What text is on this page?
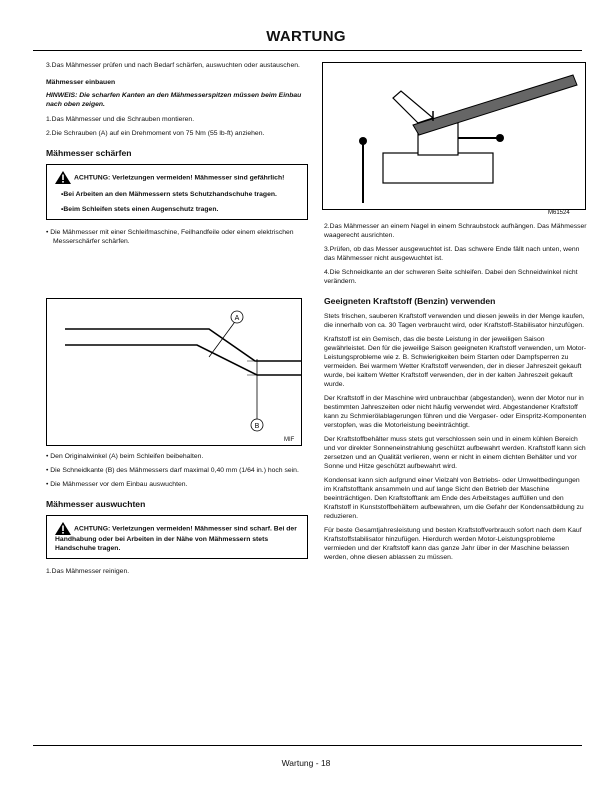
WARTUNG

3.Das Mähmesser prüfen und nach Bedarf schärfen, auswuchten oder austauschen.

Mähmesser einbauen
HINWEIS: Die scharfen Kanten an den Mähmesserspitzen müssen beim Einbau nach oben zeigen.

1.Das Mähmesser und die Schrauben montieren.

2.Die Schrauben (A) auf ein Drehmoment von 75 Nm (55 lb-ft) anziehen.

Mähmesser schärfen
ACHTUNG: Verletzungen vermeiden! Mähmesser sind gefährlich!
•Bei Arbeiten an den Mähmessern stets Schutzhandschuhe tragen.
•Beim Schleifen stets einen Augenschutz tragen.

• Die Mähmesser mit einer Schleifmaschine, Feilhandfeile oder einem elektrischen Messerschärfer schärfen.

A
B
MIF

• Den Originalwinkel (A) beim Schleifen beibehalten.

• Die Schneidkante (B) des Mähmessers darf maximal 0,40 mm (1/64 in.) hoch sein.

• Die Mähmesser vor dem Einbau auswuchten.

Mähmesser auswuchten
ACHTUNG: Verletzungen vermeiden! Mähmesser sind scharf. Bei der Handhabung oder bei Arbeiten in der Nähe von Mähmessern stets Handschuhe tragen.

1.Das Mähmesser reinigen.

M61524

2.Das Mähmesser an einem Nagel in einem Schraubstock aufhängen. Das Mähmesser waagerecht ausrichten.

3.Prüfen, ob das Messer ausgewuchtet ist. Das schwere Ende fällt nach unten, wenn das Mähmesser nicht ausgewuchtet ist.

4.Die Schneidkante an der schweren Seite schleifen. Dabei den Schneidwinkel nicht verändern.

Geeigneten Kraftstoff (Benzin) verwenden

Stets frischen, sauberen Kraftstoff verwenden und diesen jeweils in der Menge kaufen, die innerhalb von ca. 30 Tagen verbraucht wird, oder Kraftstoff-Stabilisator hinzufügen.

Kraftstoff ist ein Gemisch, das die beste Leistung in der jeweiligen Saison gewährleistet. Den für die jeweilige Saison geeigneten Kraftstoff verwenden, um Motor-Leistungsprobleme wie z. B. Schwierigkeiten beim Starten oder Dampfsperren zu vermeiden. Bei warmem Wetter Kraftstoff verwenden, der in dieser Jahreszeit gekauft wurde, bei kaltem Wetter Kraftstoff verwenden, der in der kalten Jahreszeit gekauft wurde.

Der Kraftstoff in der Maschine wird unbrauchbar (abgestanden), wenn der Motor nur in bestimmten Jahreszeiten oder nicht häufig verwendet wird. Abgestandener Kraftstoff kann zu Schmierölablagerungen führen und die Vergaser- oder Einspritz-Komponenten verstopfen, was die Motorleistung beeinträchtigt.

Der Kraftstoffbehälter muss stets gut verschlossen sein und in einem kühlen Bereich und vor direkter Sonneneinstrahlung geschützt aufbewahrt werden. Kraftstoff kann sich zersetzen und an Qualität verlieren, wenn er nicht in einem dichten Behälter und vor Sonne und Hitze geschützt aufbewahrt wird.

Kondensat kann sich aufgrund einer Vielzahl von Betriebs- oder Umweltbedingungen im Kraftstofftank ansammeln und auf lange Sicht den Betrieb der Maschine beeinträchtigen. Den Kraftstofftank am Ende des Arbeitstages auffüllen und den Kraftstoff in Kunststoffbehältern aufbewahren, um die Gefahr der Kondensatbildung zu reduzieren.

Für beste Gesamtjahresleistung und besten Kraftstoffverbrauch sofort nach dem Kauf Kraftstoffstabilisator hinzufügen. Hierdurch werden Motor-Leistungsprobleme vermieden und der Kraftstoff kann das ganze Jahr über in der Maschine belassen werden, ohne diesen ablassen zu müssen.

Wartung - 18
